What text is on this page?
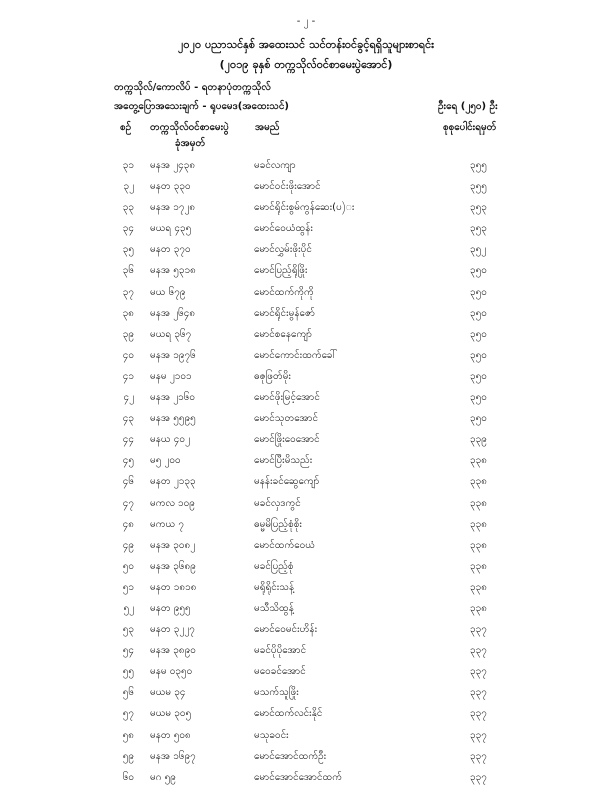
- ၂ -
၂၀၂၀ ပညာသင်နှစ် အထေးသင် သင်တန်းဝင်ခွင့်ရရှိသူများစာရင်း
(၂၀၁၉ ခုနှစ် တက္ကသိုလ်ဝင်စာမေးပွဲအောင်)
တက္ကသိုလ်/ကောလိပ် - ရတနာပုံတက္ကသိုလ်
အတွေ့ပြောအသေးချက် - ရုပမေဒ(အထေးသင်)	ဦးရေ (၂၅၀) ဦး
စဉ် တက္ကသိုလ်ဝင်စာမေးပွဲ
ခုံအမှတ်
အမည်	စုစုပေါင်းရမှတ်
၃၁ မနအ ၂၄၃၈	မခင်လကျာ	၃၅၅
၃၂ မနတ ၃၃၀	မောင်ဝင်းဖိုးအောင်	၃၅၅
၃၃ မနအ ၁၇၂၈	မောင်ရိုင်းစွမ်ကွန်ဆေး(ပ)း	၃၅၃
၃၄ မယရ ၄၃၅	မောင်ဝေယံထွန်း	၃၅၃
၃၅ မနတ ၃၇၀	မောင်လွှမ်းဖိုးပိုင်	၃၅၂
၃၆ မနအ ၅၃၁၈	မောင်ပြည့်ရိုဖြိုး	၃၅၀
၃၇ မယ ၆၇၉	မောင်ထက်ကိုကို	၃၅၀
၃၈ မနအ ၂၆၄၈	မောင်ရိုင်းမွန်ဇော်	၃၅၀
၃၉ မယရ ၃၆၇	မောင်စနေကျော်	၃၅၀
၄၀ မနအ ၁၉၇၆	မောင်ကောင်းထက်ခေါ်	၃၅၀
၄၁ မနမ ၂၁၀၁	ဓဇုဖြတ်မိုး	၃၅၀
၄၂ မနအ ၂၁၆၀	မောင်ဖိုးမြင့်အောင်	၃၅၀
၄၃ မနအ ၅၅၉၅	မောင်သုတအောင်	၃၅၀
၄၄ မနယ ၄၀၂	မောင်ဖြိုးဝေအောင်	၃၃၉
၄၅ မ၅ ၂၀၀	မောင်ပြီးမိသည်း	၃၃၈
၄၆ မနတ ၂၁၃၃	မနန်းခင်ဆွေကျော်	၃၃၈
၄၇ မကလ ၁၀၉	မခင်လှဒကွင်	၃၃၈
၄၈ မကယ ၇	ဓမ္မမိပြည့်စုံစိုး	၃၃၈
၄၉ မနအ ၃၀၈၂	မောင်ထက်ဝေယံ	၃၃၈
၅၀ မနအ ၃၆၈၉	မခင်ပြည့်စုံ	၃၃၈
၅၁ မနတ ၁၈၁၈	မရိုရိုင်းသန့်	၃၃၈
၅၂ မနတ ၉၅၅	မသီသိထွန့်	၃၃၈
၅၃ မနတ ၃၂၂၇	မောင်ဝေမင်းဟိန်း	၃၃၇
၅၄ မနအ ၃၈၉၀	မခင်ပိုပိုအောင်	၃၃၇
၅၅ မနမ ၀၃၅၀	မဝေခင်အောင်	၃၃၇
၅၆ မယမ ၃၄	မသက်သူဖြိုး	၃၃၇
၅၇ မယမ ၃၀၅	မောင်ထက်လင်းနိုင်	၃၃၇
၅၈ မနတ ၅၀၈	မသုခဝင်း	၃၃၇
၅၉ မနအ ၁၆၉၇	မောင်အောင်ထက်ဦး	၃၃၇
၆၀ မဂ ၅၉	မောင်အောင်အောင်ထက်	၃၃၇
